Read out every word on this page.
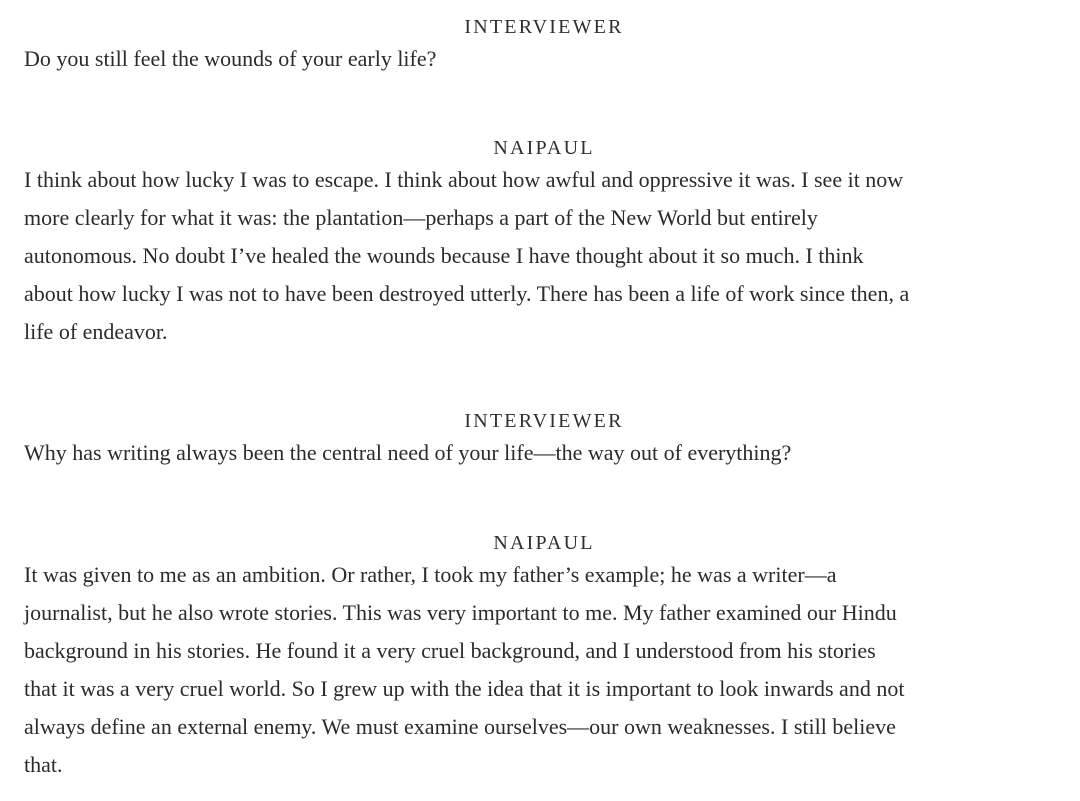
INTERVIEWER

Do you still feel the wounds of your early life?

NAIPAUL

I think about how lucky I was to escape. I think about how awful and oppressive it was. I see it now
more clearly for what it was: the plantation—perhaps a part of the New World but entirely
autonomous. No doubt I’ve healed the wounds because I have thought about it so much. I think
about how lucky I was not to have been destroyed utterly. There has been a life of work since then, a
life of endeavor.

INTERVIEWER

Why has writing always been the central need of your life—the way out of everything?

NAIPAUL

It was given to me as an ambition. Or rather, I took my father’s example; he was a writer—a
journalist, but he also wrote stories. This was very important to me. My father examined our Hindu
background in his stories. He found it a very cruel background, and I understood from his stories
that it was a very cruel world. So I grew up with the idea that it is important to look inwards and not
always define an external enemy. We must examine ourselves—our own weaknesses. I still believe
that.
